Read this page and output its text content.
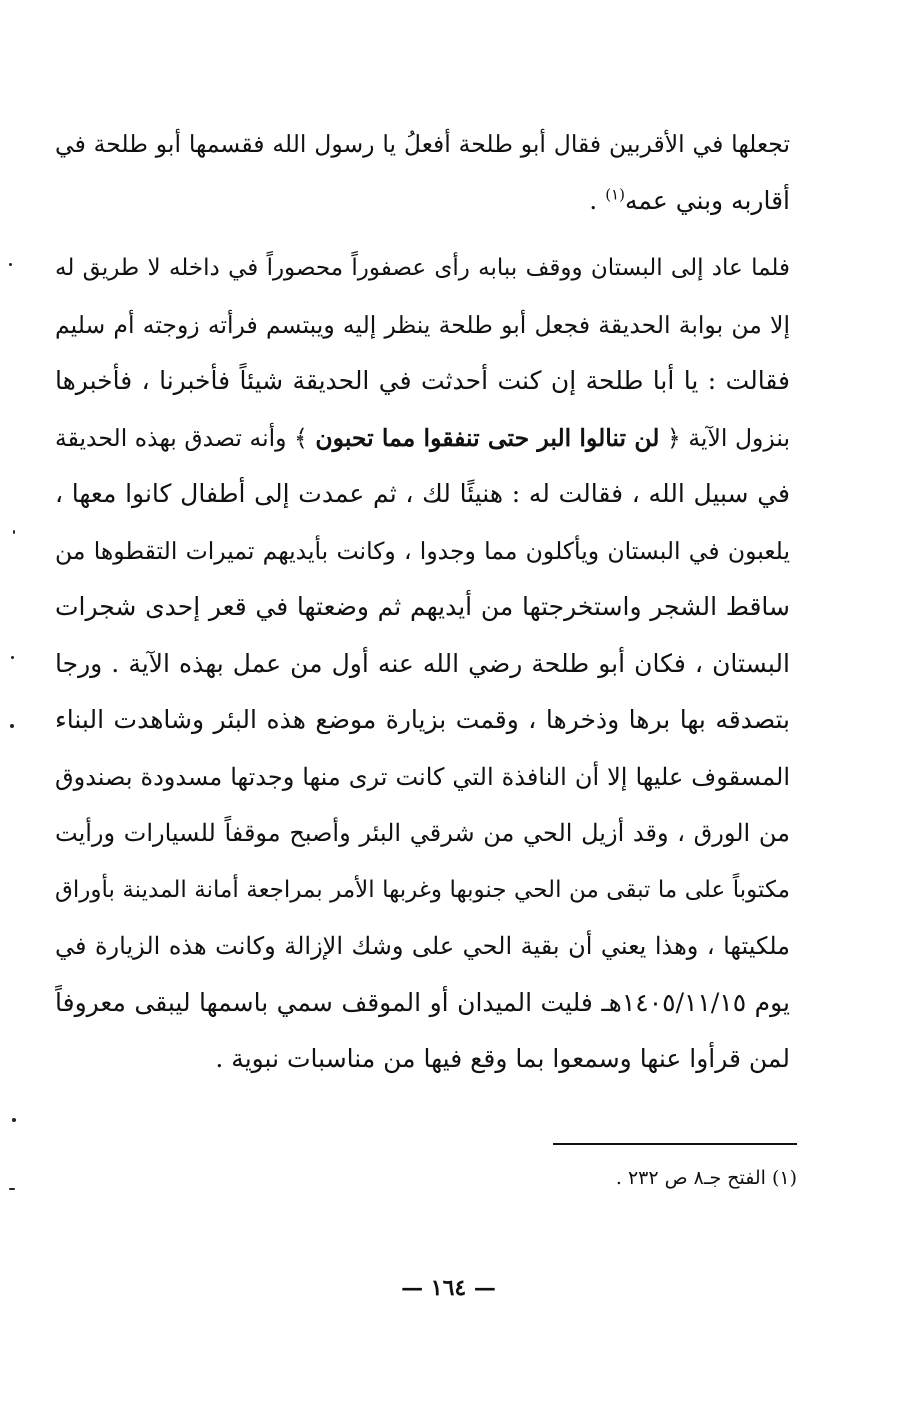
تجعلها في الأقربين فقال أبو طلحة أفعلُ يا رسول الله فقسمها أبو طلحة في
أقاربه وبني عمه$^{(١)}$ .
فلما عاد إلى البستان ووقف ببابه رأى عصفوراً محصوراً في داخله لا طريق له
إلا من بوابة الحديقة فجعل أبو طلحة ينظر إليه ويبتسم فرأته زوجته أم سليم
فقالت : يا أبا طلحة إن كنت أحدثت في الحديقة شيئاً فأخبرنا ، فأخبرها
بنزول الآية ﴿ لن تنالوا البر حتى تنفقوا مما تحبون ﴾ وأنه تصدق بهذه الحديقة
في سبيل الله ، فقالت له : هنيئًا لك ، ثم عمدت إلى أطفال كانوا معها ،
يلعبون في البستان ويأكلون مما وجدوا ، وكانت بأيديهم تميرات التقطوها من
ساقط الشجر واستخرجتها من أيديهم ثم وضعتها في قعر إحدى شجرات
البستان ، فكان أبو طلحة رضي الله عنه أول من عمل بهذه الآية . ورجا
بتصدقه بها برها وذخرها ، وقمت بزيارة موضع هذه البئر وشاهدت البناء
المسقوف عليها إلا أن النافذة التي كانت ترى منها وجدتها مسدودة بصندوق
من الورق ، وقد أزيل الحي من شرقي البئر وأصبح موقفاً للسيارات ورأيت
مكتوباً على ما تبقى من الحي جنوبها وغربها الأمر بمراجعة أمانة المدينة بأوراق
ملكيتها ، وهذا يعني أن بقية الحي على وشك الإزالة وكانت هذه الزيارة في
يوم ١٤٠٥/١١/١٥هـ فليت الميدان أو الموقف سمي باسمها ليبقى معروفاً
لمن قرأوا عنها وسمعوا بما وقع فيها من مناسبات نبوية .
(١) الفتح جـ٨ ص ٢٣٢ .
— ١٦٤ —
